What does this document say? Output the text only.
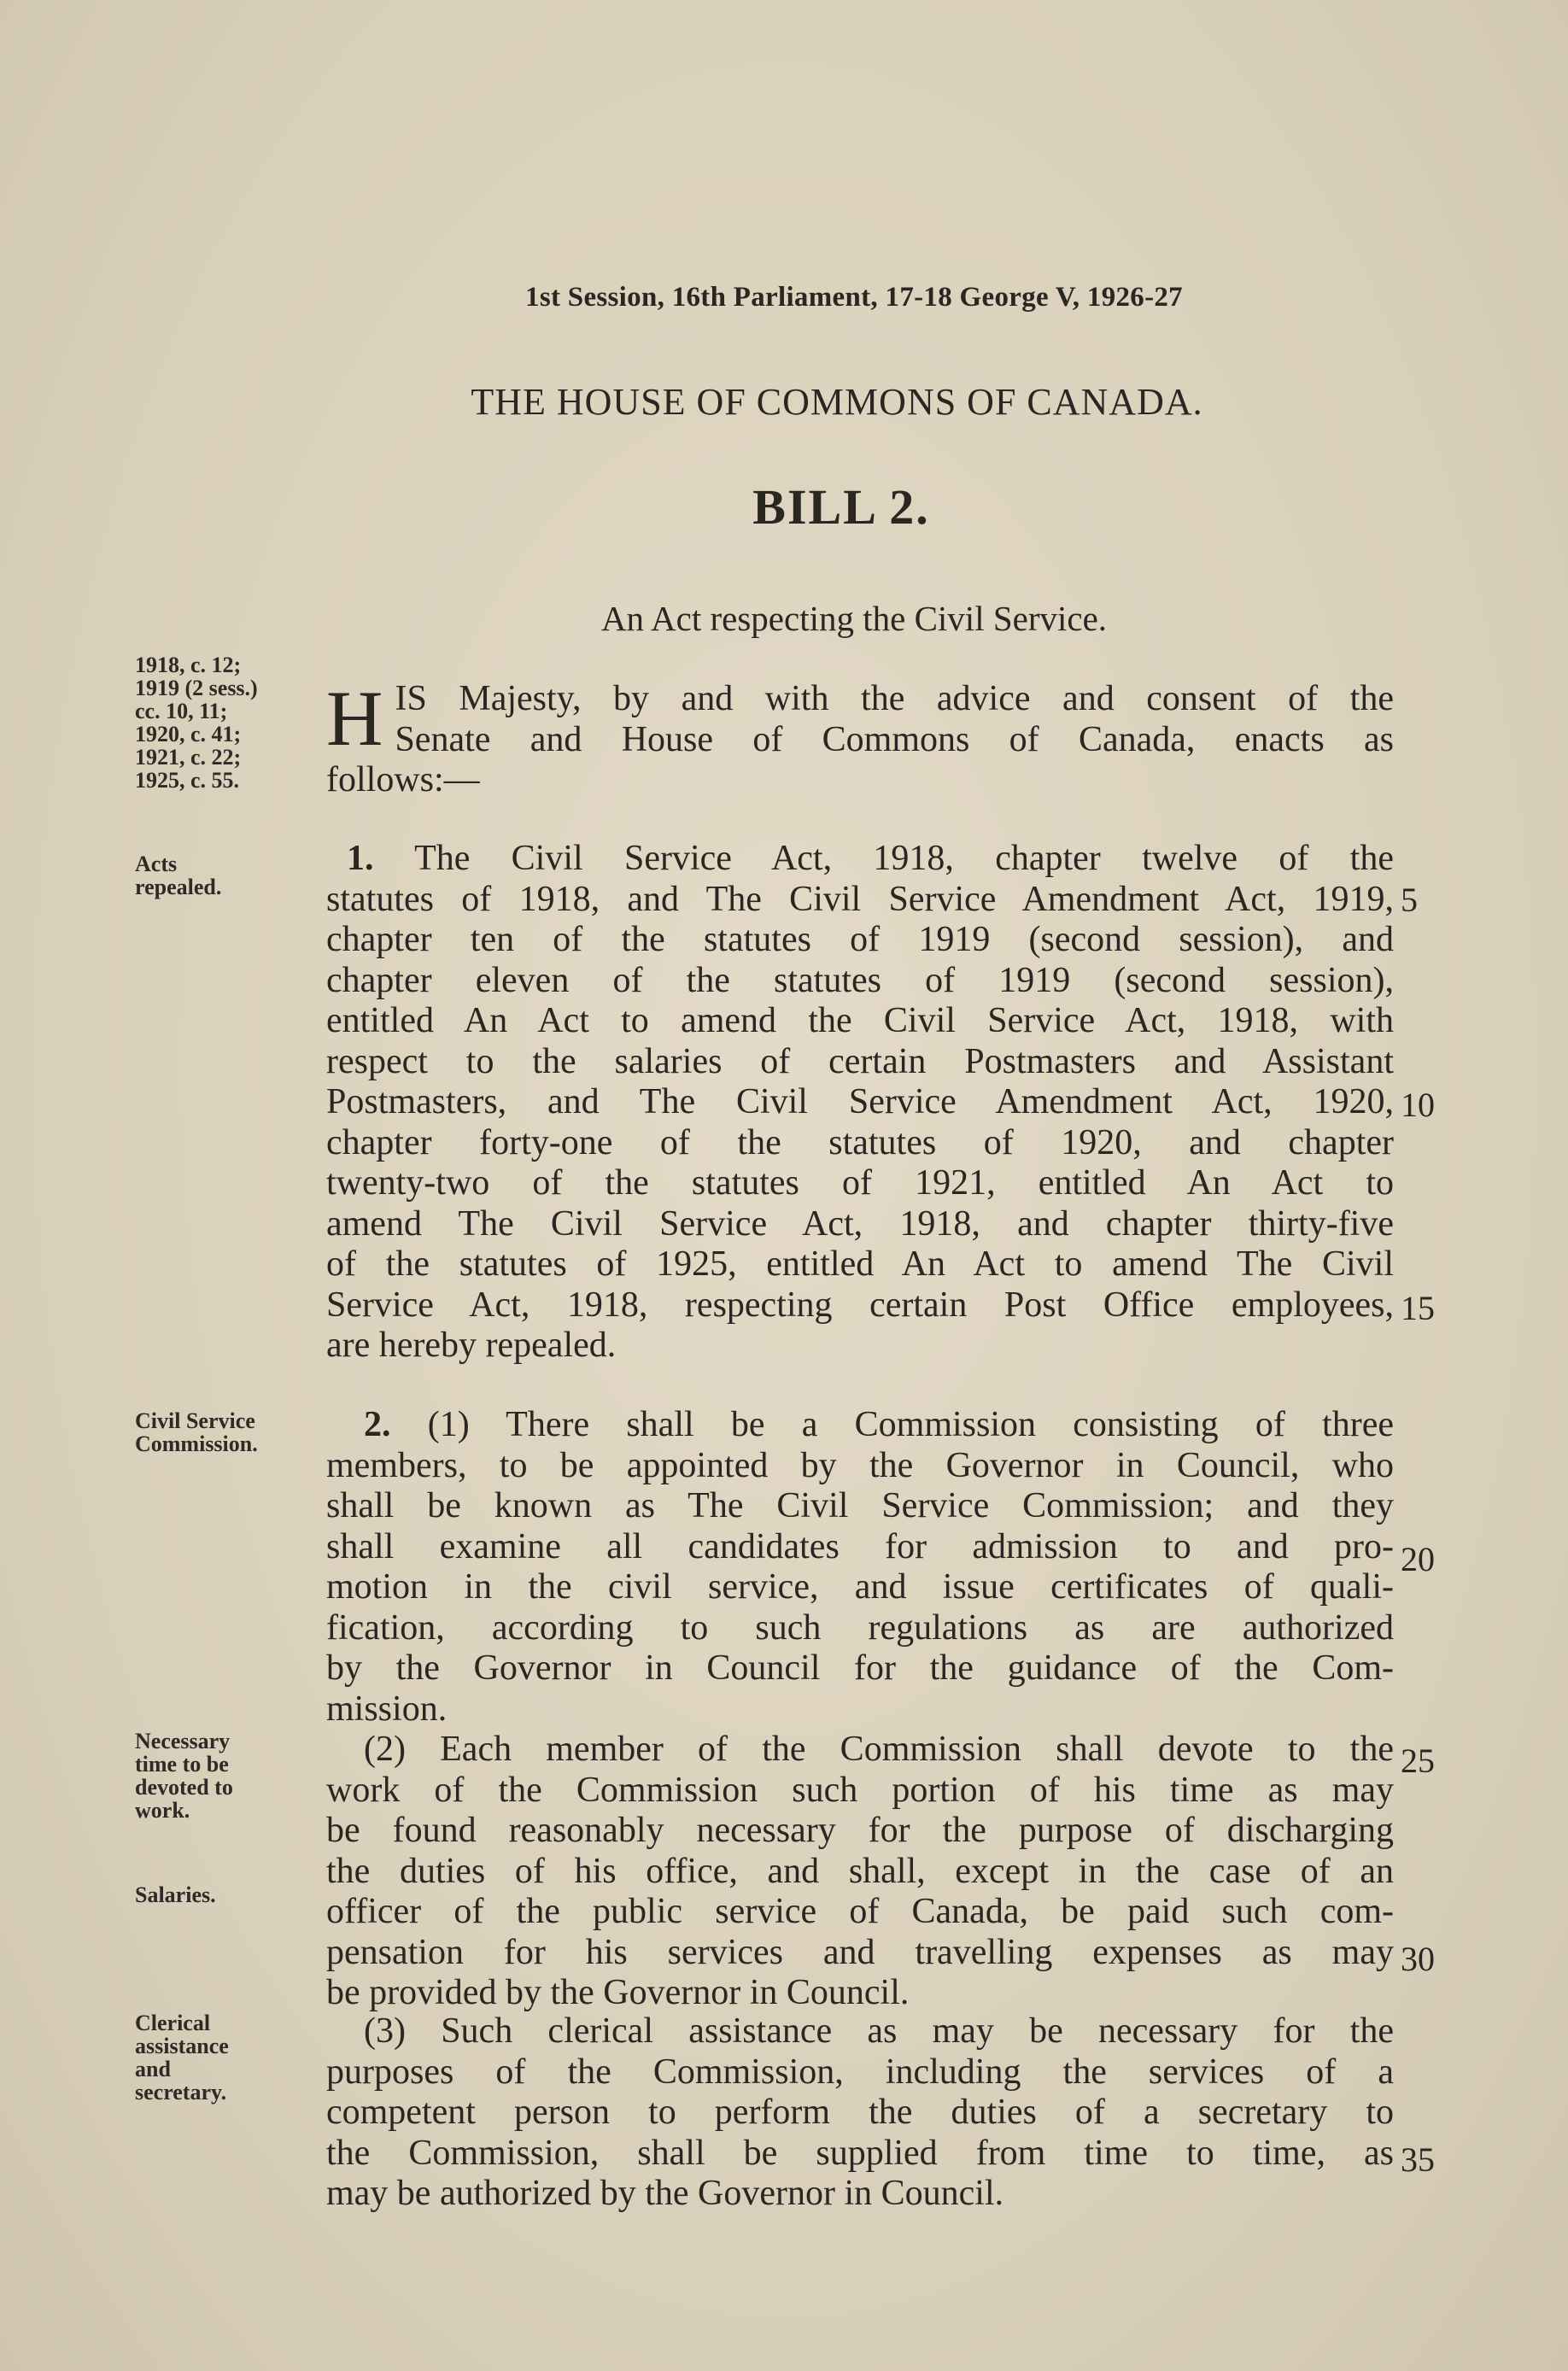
1st Session, 16th Parliament, 17-18 George V, 1926-27
THE HOUSE OF COMMONS OF CANADA.
BILL 2.
An Act respecting the Civil Service.
1918, c. 12;
1919 (2 sess.)
cc. 10, 11;
1920, c. 41;
1921, c. 22;
1925, c. 55.
Acts
repealed.
Civil Service
Commission.
Necessary
time to be
devoted to
work.
Salaries.
Clerical
assistance
and
secretary.
H IS Majesty, by and with the advice and consent of the
Senate and House of Commons of Canada, enacts as
follows:—
1. The Civil Service Act, 1918, chapter twelve of the
statutes of 1918, and The Civil Service Amendment Act, 1919,
chapter ten of the statutes of 1919 (second session), and
chapter eleven of the statutes of 1919 (second session),
entitled An Act to amend the Civil Service Act, 1918, with
respect to the salaries of certain Postmasters and Assistant
Postmasters, and The Civil Service Amendment Act, 1920,
chapter forty-one of the statutes of 1920, and chapter
twenty-two of the statutes of 1921, entitled An Act to
amend The Civil Service Act, 1918, and chapter thirty-five
of the statutes of 1925, entitled An Act to amend The Civil
Service Act, 1918, respecting certain Post Office employees,
are hereby repealed.
2. (1) There shall be a Commission consisting of three
members, to be appointed by the Governor in Council, who
shall be known as The Civil Service Commission; and they
shall examine all candidates for admission to and pro-
motion in the civil service, and issue certificates of quali-
fication, according to such regulations as are authorized
by the Governor in Council for the guidance of the Com-
mission.
(2) Each member of the Commission shall devote to the
work of the Commission such portion of his time as may
be found reasonably necessary for the purpose of discharging
the duties of his office, and shall, except in the case of an
officer of the public service of Canada, be paid such com-
pensation for his services and travelling expenses as may
be provided by the Governor in Council.
(3) Such clerical assistance as may be necessary for the
purposes of the Commission, including the services of a
competent person to perform the duties of a secretary to
the Commission, shall be supplied from time to time, as
may be authorized by the Governor in Council.
5
10
15
20
25
30
35
